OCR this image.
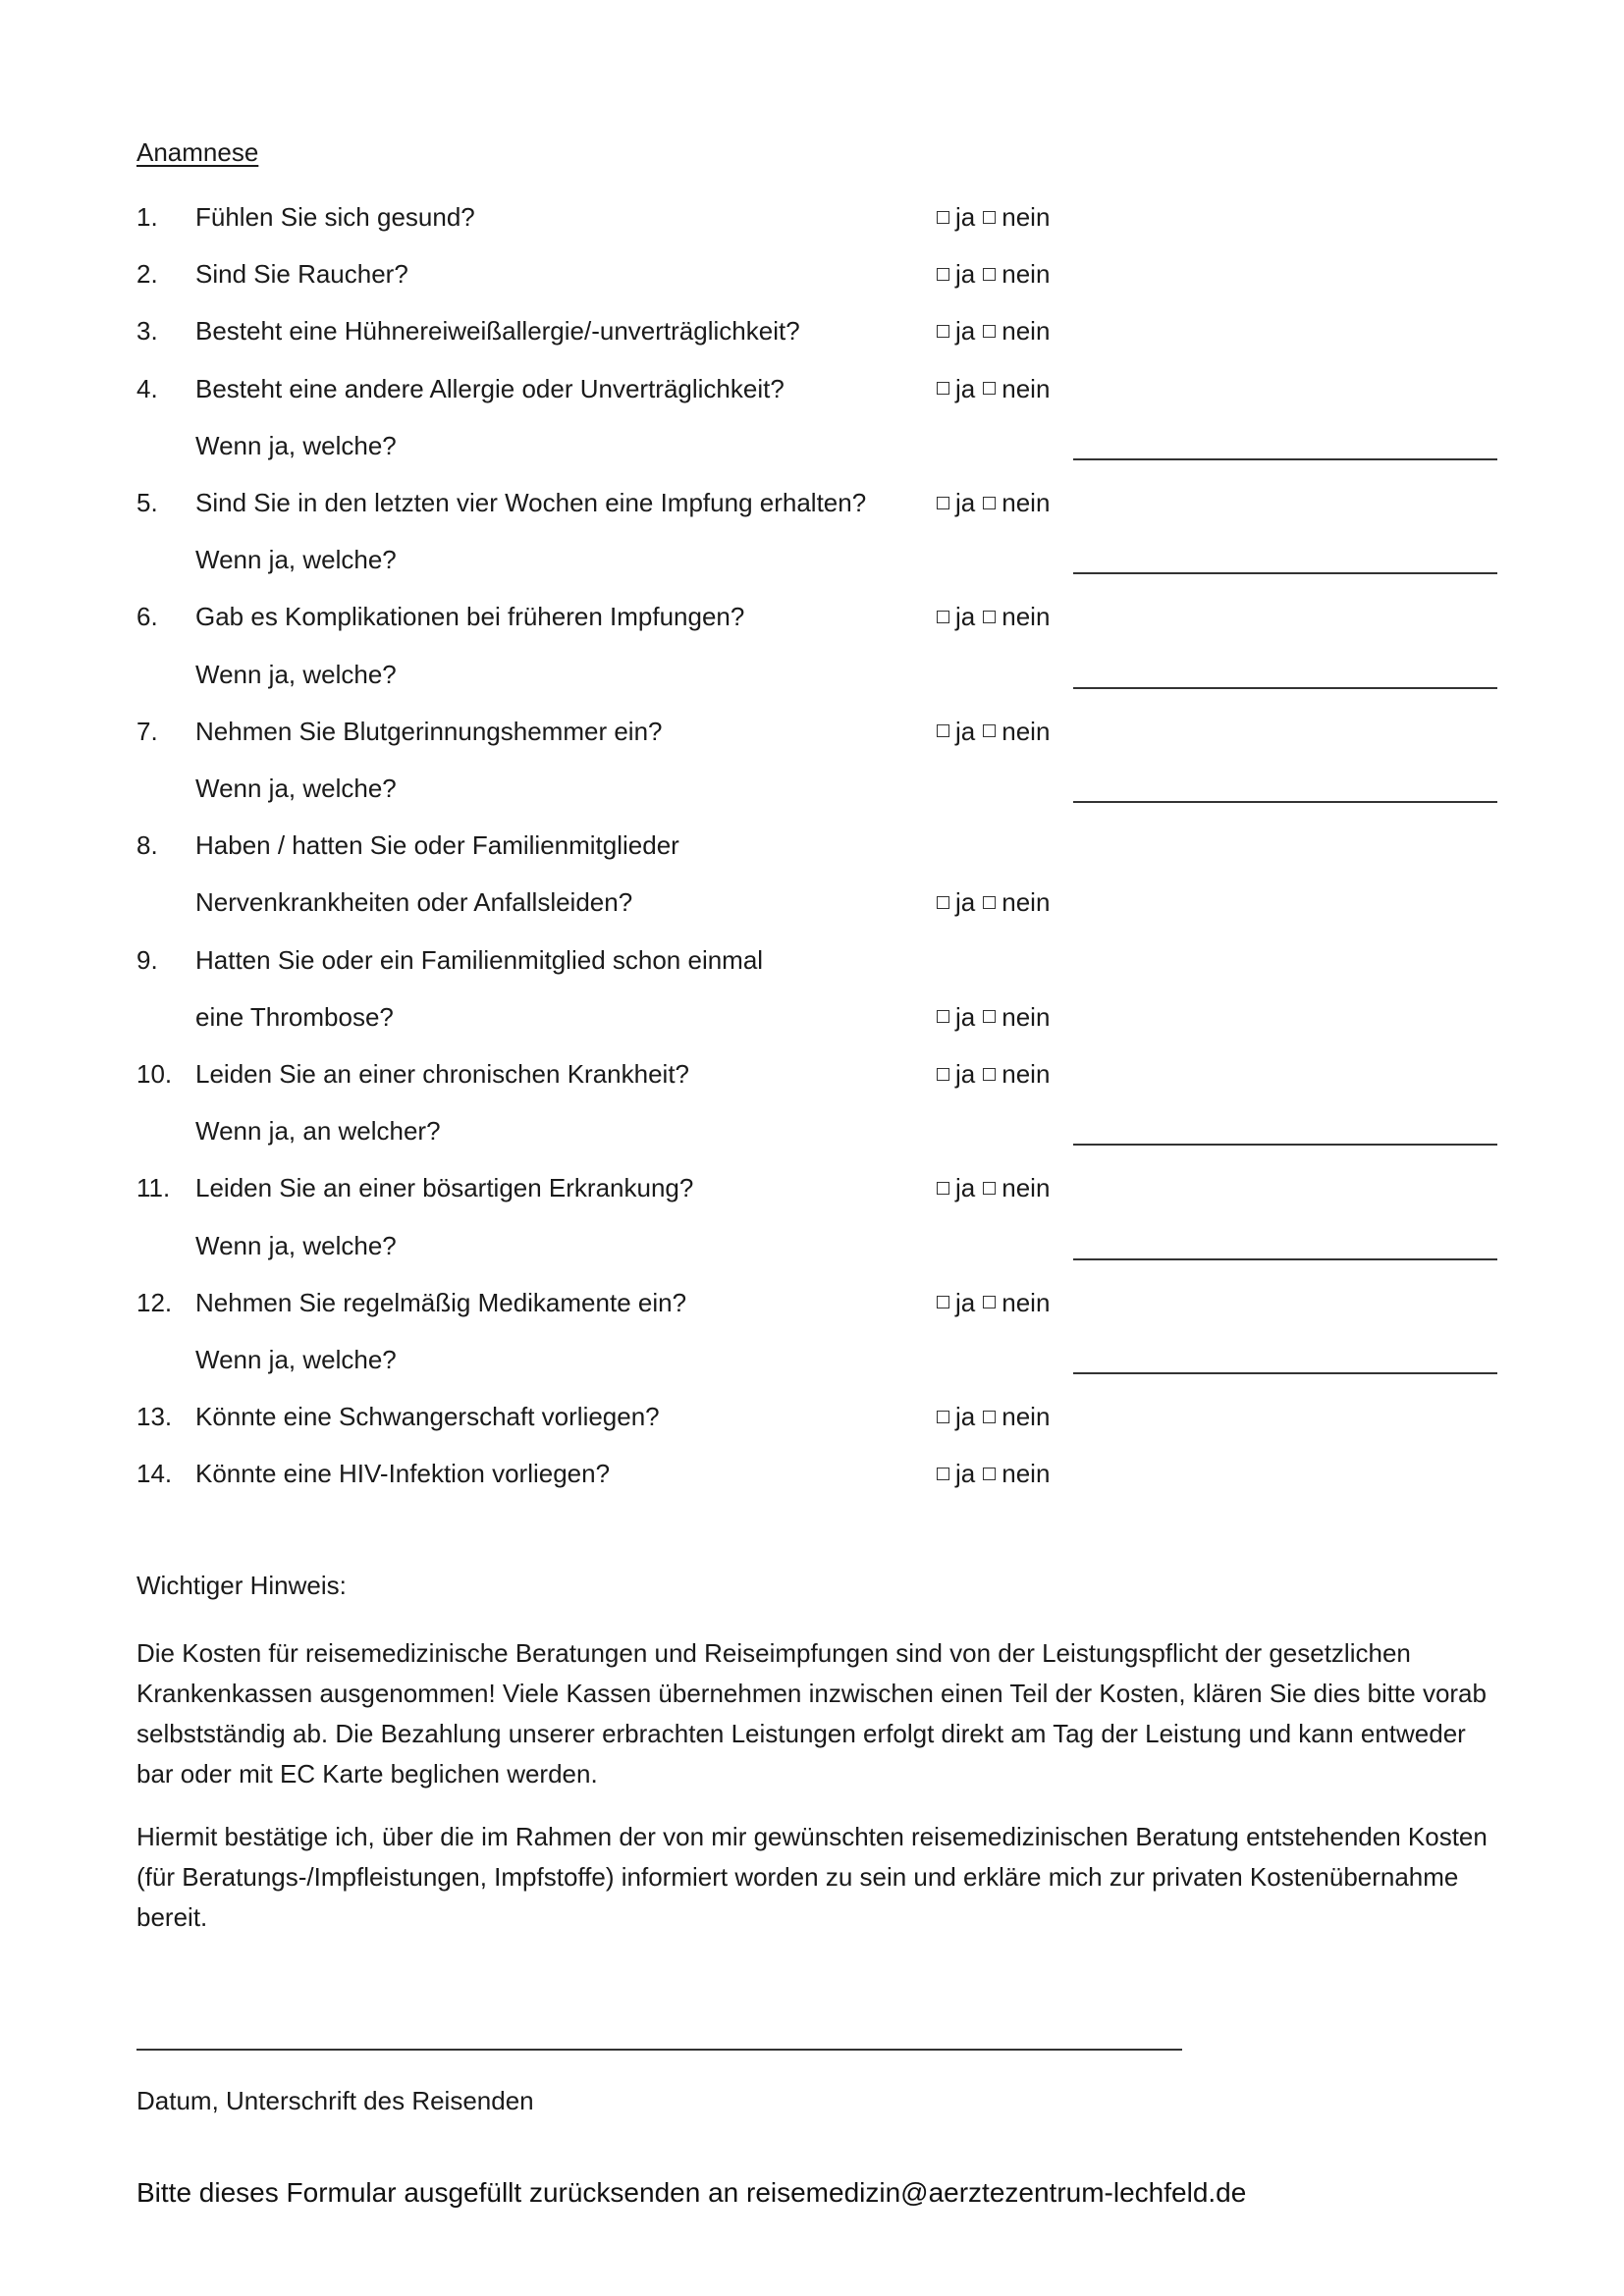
Anamnese
1. Fühlen Sie sich gesund?	ja nein
2. Sind Sie Raucher?	ja nein
3. Besteht eine Hühnereiweißallergie/-unverträglichkeit?	ja nein
4. Besteht eine andere Allergie oder Unverträglichkeit?	ja nein
Wenn ja, welche?
5. Sind Sie in den letzten vier Wochen eine Impfung erhalten?	ja nein
Wenn ja, welche?
6. Gab es Komplikationen bei früheren Impfungen?	ja nein
Wenn ja, welche?
7. Nehmen Sie Blutgerinnungshemmer ein?	ja nein
Wenn ja, welche?
8. Haben / hatten Sie oder Familienmitglieder
Nervenkrankheiten oder Anfallsleiden?	ja nein
9. Hatten Sie oder ein Familienmitglied schon einmal
eine Thrombose?	ja nein
10. Leiden Sie an einer chronischen Krankheit?	ja nein
Wenn ja, an welcher?
11. Leiden Sie an einer bösartigen Erkrankung?	ja nein
Wenn ja, welche?
12. Nehmen Sie regelmäßig Medikamente ein?	ja nein
Wenn ja, welche?
13. Könnte eine Schwangerschaft vorliegen?	ja nein
14. Könnte eine HIV-Infektion vorliegen?	ja nein
Wichtiger Hinweis:
Die Kosten für reisemedizinische Beratungen und Reiseimpfungen sind von der Leistungspflicht der gesetzlichen Krankenkassen ausgenommen! Viele Kassen übernehmen inzwischen einen Teil der Kosten, klären Sie dies bitte vorab selbstständig ab. Die Bezahlung unserer erbrachten Leistungen erfolgt direkt am Tag der Leistung und kann entweder bar oder mit EC Karte beglichen werden.
Hiermit bestätige ich, über die im Rahmen der von mir gewünschten reisemedizinischen Beratung entstehenden Kosten (für Beratungs-/Impfleistungen, Impfstoffe) informiert worden zu sein und erkläre mich zur privaten Kostenübernahme bereit.
Datum, Unterschrift des Reisenden
Bitte dieses Formular ausgefüllt zurücksenden an reisemedizin@aerztezentrum-lechfeld.de
